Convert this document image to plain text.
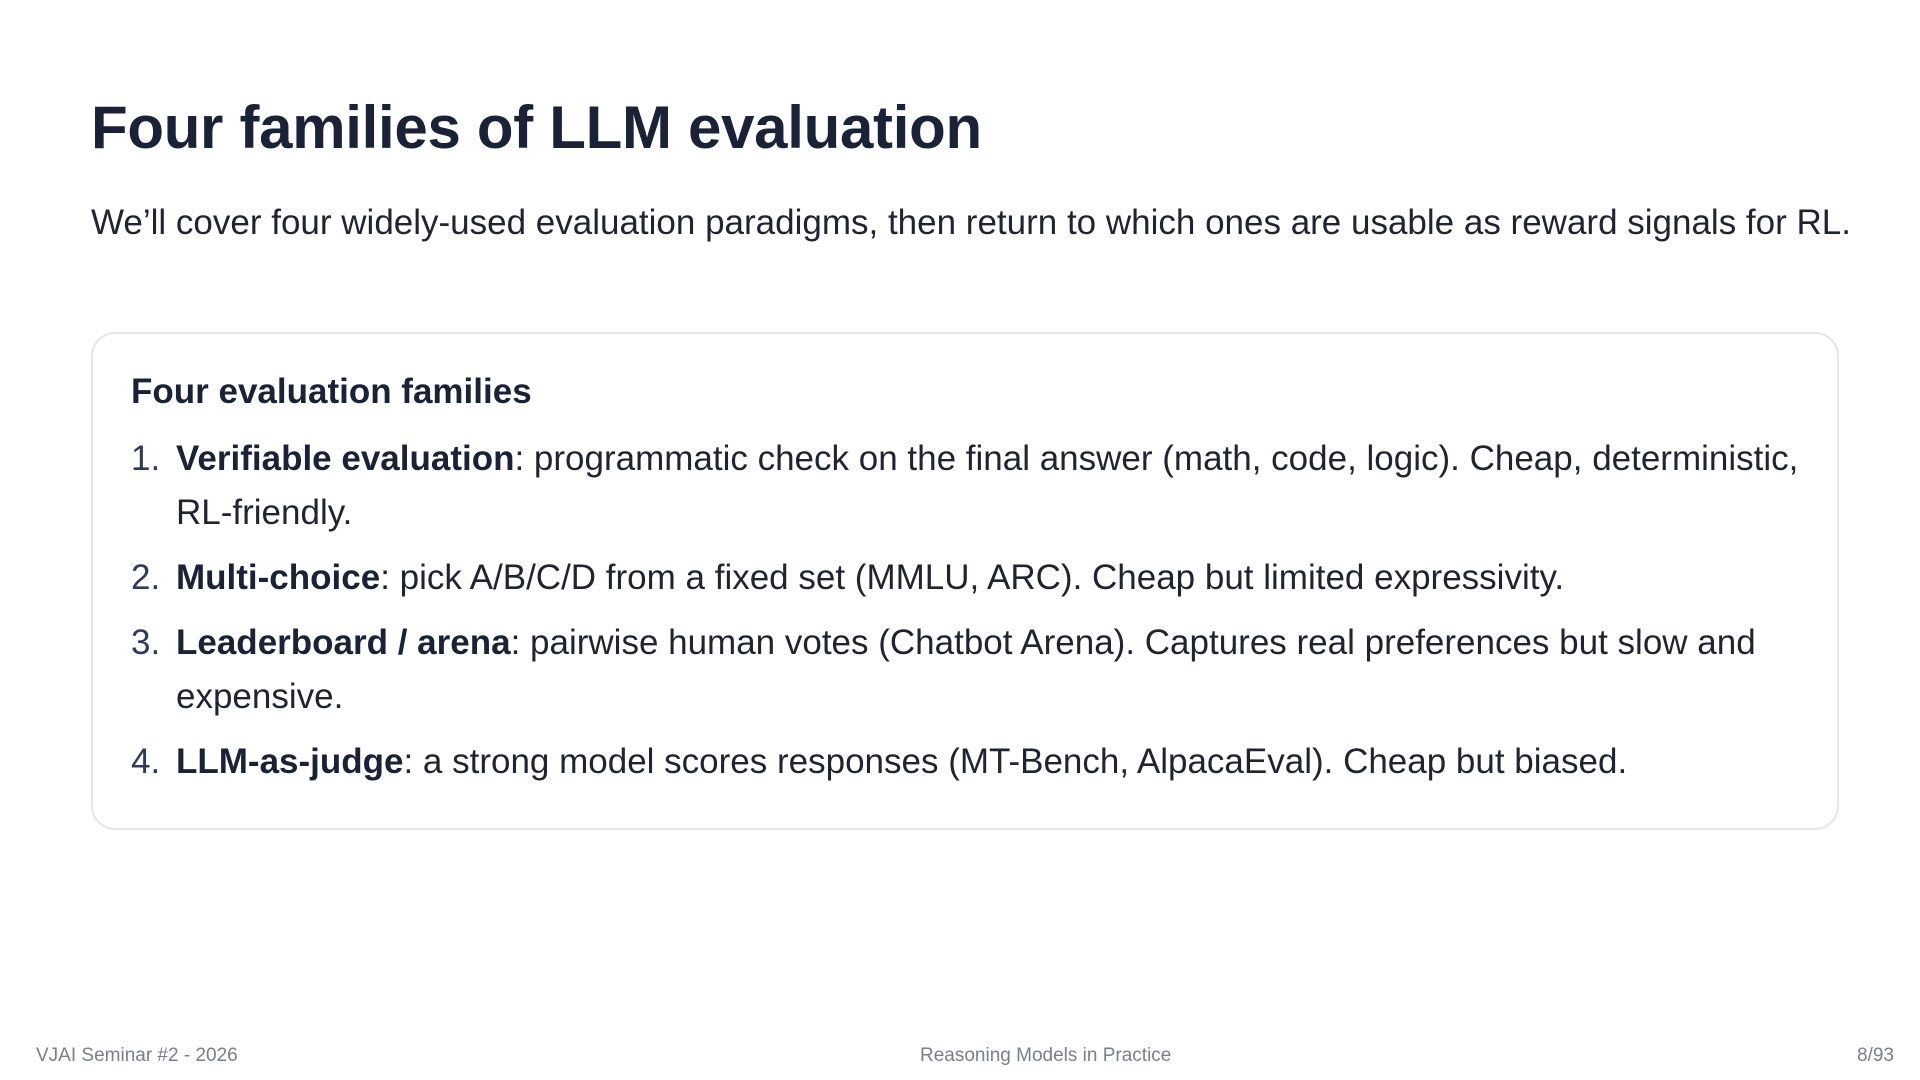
Four families of LLM evaluation

We’ll cover four widely-used evaluation paradigms, then return to which ones are usable as reward signals for RL.

Four evaluation families
1. Verifiable evaluation: programmatic check on the final answer (math, code, logic). Cheap, deterministic, RL-friendly.
2. Multi-choice: pick A/B/C/D from a fixed set (MMLU, ARC). Cheap but limited expressivity.
3. Leaderboard / arena: pairwise human votes (Chatbot Arena). Captures real preferences but slow and expensive.
4. LLM-as-judge: a strong model scores responses (MT-Bench, AlpacaEval). Cheap but biased.
VJAI Seminar #2 - 2026	Reasoning Models in Practice	8/93
